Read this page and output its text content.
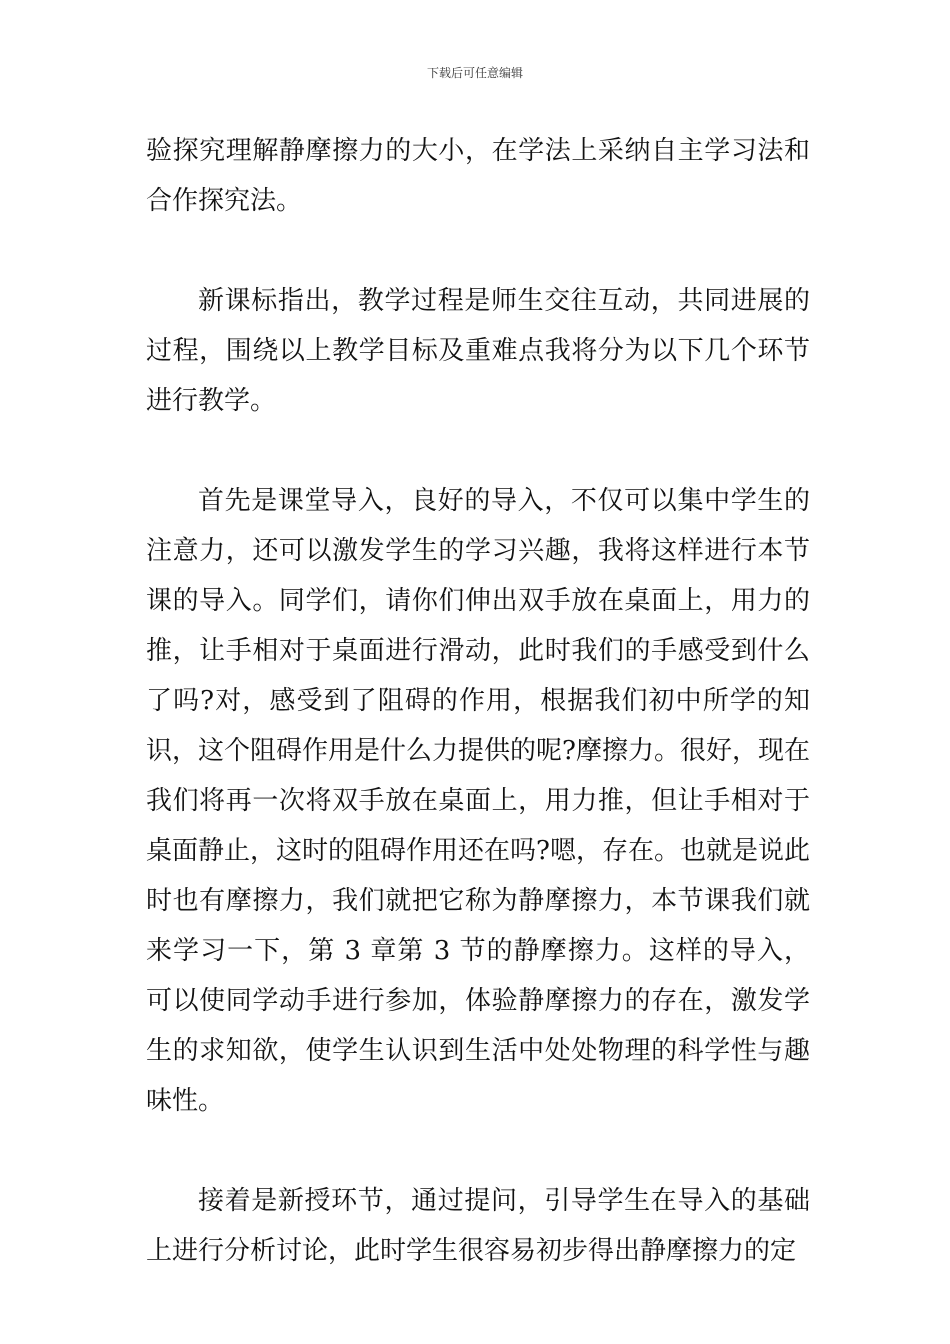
下载后可任意编辑

验探究理解静摩擦力的大小，在学法上采纳自主学习法和合作探究法。

新课标指出，教学过程是师生交往互动，共同进展的过程，围绕以上教学目标及重难点我将分为以下几个环节进行教学。

首先是课堂导入，良好的导入，不仅可以集中学生的注意力，还可以激发学生的学习兴趣，我将这样进行本节课的导入。同学们，请你们伸出双手放在桌面上，用力的推，让手相对于桌面进行滑动，此时我们的手感受到什么了吗?对，感受到了阻碍的作用，根据我们初中所学的知识，这个阻碍作用是什么力提供的呢?摩擦力。很好，现在我们将再一次将双手放在桌面上，用力推，但让手相对于桌面静止，这时的阻碍作用还在吗?嗯，存在。也就是说此时也有摩擦力，我们就把它称为静摩擦力，本节课我们就来学习一下，第 3 章第 3 节的静摩擦力。这样的导入，可以使同学动手进行参加，体验静摩擦力的存在，激发学生的求知欲，使学生认识到生活中处处物理的科学性与趣味性。

接着是新授环节，通过提问，引导学生在导入的基础上进行分析讨论，此时学生很容易初步得出静摩擦力的定
